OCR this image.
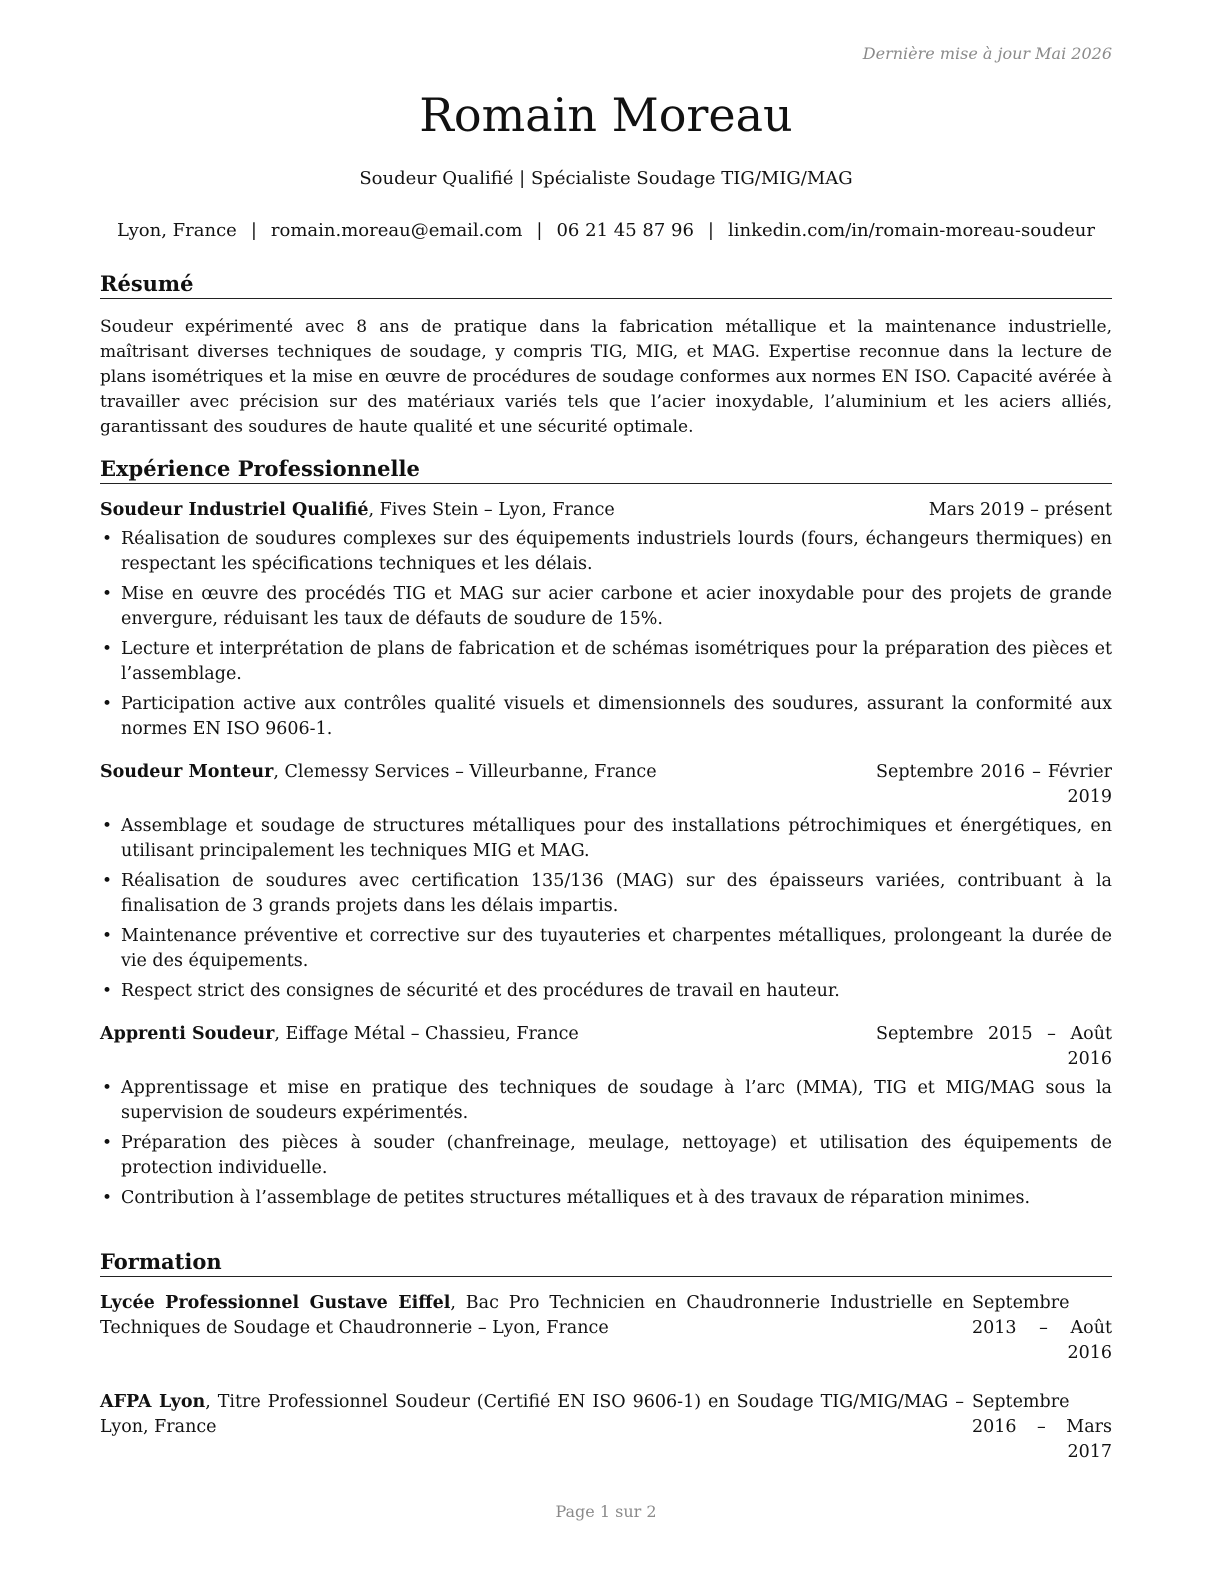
Dernière mise à jour Mai 2026
Romain Moreau
Soudeur Qualifié | Spécialiste Soudage TIG/MIG/MAG
Lyon, France | romain.moreau@email.com | 06 21 45 87 96 | linkedin.com/in/romain-moreau-soudeur
Résumé
Soudeur expérimenté avec 8 ans de pratique dans la fabrication métallique et la maintenance industrielle, maîtrisant diverses techniques de soudage, y compris TIG, MIG, et MAG. Expertise reconnue dans la lecture de plans isométriques et la mise en œuvre de procédures de soudage conformes aux normes EN ISO. Capacité avérée à travailler avec précision sur des matériaux variés tels que l’acier inoxydable, l’aluminium et les aciers alliés, garantissant des soudures de haute qualité et une sécurité optimale.
Expérience Professionnelle
Soudeur Industriel Qualifié, Fives Stein – Lyon, France	Mars 2019 – présent
• Réalisation de soudures complexes sur des équipements industriels lourds (fours, échangeurs thermiques) en respectant les spécifications techniques et les délais.
• Mise en œuvre des procédés TIG et MAG sur acier carbone et acier inoxydable pour des projets de grande envergure, réduisant les taux de défauts de soudure de 15%.
• Lecture et interprétation de plans de fabrication et de schémas isométriques pour la préparation des pièces et l’assemblage.
• Participation active aux contrôles qualité visuels et dimensionnels des soudures, assurant la conformité aux normes EN ISO 9606-1.
Soudeur Monteur, Clemessy Services – Villeurbanne, France	Septembre 2016 – Février 2019
• Assemblage et soudage de structures métalliques pour des installations pétrochimiques et énergétiques, en utilisant principalement les techniques MIG et MAG.
• Réalisation de soudures avec certification 135/136 (MAG) sur des épaisseurs variées, contribuant à la finalisation de 3 grands projets dans les délais impartis.
• Maintenance préventive et corrective sur des tuyauteries et charpentes métalliques, prolongeant la durée de vie des équipements.
• Respect strict des consignes de sécurité et des procédures de travail en hauteur.
Apprenti Soudeur, Eiffage Métal – Chassieu, France	Septembre 2015 – Août 2016
• Apprentissage et mise en pratique des techniques de soudage à l’arc (MMA), TIG et MIG/MAG sous la supervision de soudeurs expérimentés.
• Préparation des pièces à souder (chanfreinage, meulage, nettoyage) et utilisation des équipements de protection individuelle.
• Contribution à l’assemblage de petites structures métalliques et à des travaux de réparation minimes.
Formation
Lycée Professionnel Gustave Eiffel, Bac Pro Technicien en Chaudronnerie Industrielle en Techniques de Soudage et Chaudronnerie – Lyon, France
Septembre 2013 – Août 2016
AFPA Lyon, Titre Professionnel Soudeur (Certifié EN ISO 9606-1) en Soudage TIG/MIG/MAG – Lyon, France
Septembre 2016 – Mars 2017
Page 1 sur 2
